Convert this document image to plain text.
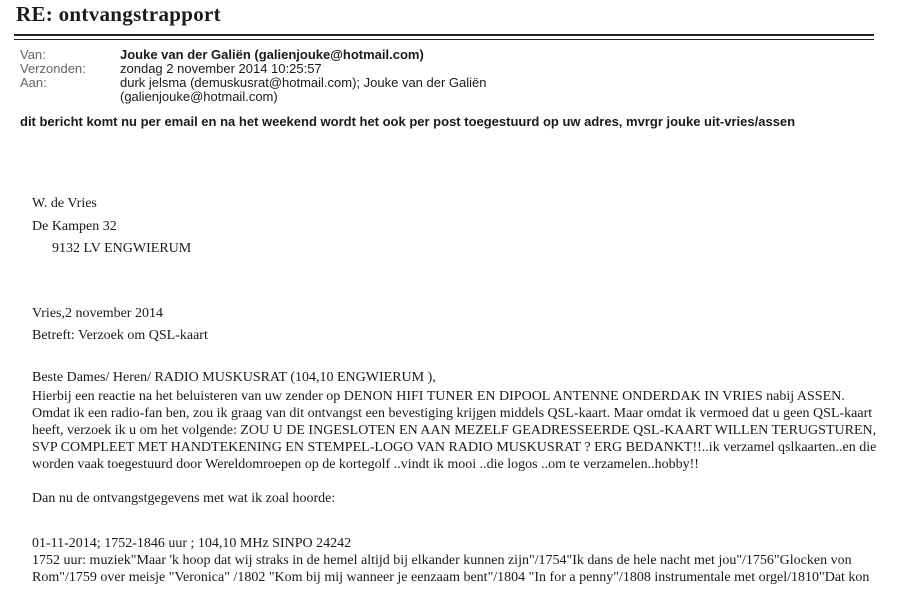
RE: ontvangstrapport
Van:	Jouke van der Galiën (galienjouke@hotmail.com)
Verzonden:	zondag 2 november 2014 10:25:57
Aan:	durk jelsma (demuskusrat@hotmail.com); Jouke van der Galiën
(galienjouke@hotmail.com)
dit bericht komt nu per email en na het weekend wordt het ook per post toegestuurd op uw adres, mvrgr jouke uit-vries/assen
W. de Vries
De Kampen 32
9132 LV ENGWIERUM
Vries,2 november 2014
Betreft: Verzoek om QSL-kaart
Beste Dames/ Heren/ RADIO MUSKUSRAT (104,10 ENGWIERUM ),
Hierbij een reactie na het beluisteren van uw zender op DENON HIFI TUNER EN DIPOOL ANTENNE ONDERDAK IN VRIES nabij ASSEN. Omdat ik een radio-fan ben, zou ik graag van dit ontvangst een bevestiging krijgen middels QSL-kaart. Maar omdat ik vermoed dat u geen QSL-kaart heeft, verzoek ik u om het volgende: ZOU U DE INGESLOTEN EN AAN MEZELF GEADRESSEERDE QSL-KAART WILLEN TERUGSTUREN, SVP COMPLEET MET HANDTEKENING EN STEMPEL-LOGO VAN RADIO MUSKUSRAT ? ERG BEDANKT!!..ik verzamel qslkaarten..en die worden vaak toegestuurd door Wereldomroepen op de kortegolf ..vindt ik mooi ..die logos ..om te verzamelen..hobby!!
Dan nu de ontvangstgegevens met wat ik zoal hoorde:
01-11-2014; 1752-1846 uur ; 104,10 MHz SINPO 24242
1752 uur: muziek"Maar 'k hoop dat wij straks in de hemel altijd bij elkander kunnen zijn"/1754"Ik dans de hele nacht met jou"/1756"Glocken von Rom"/1759 over meisje "Veronica" /1802 "Kom bij mij wanneer je eenzaam bent"/1804 "In for a penny"/1808 instrumentale met orgel/1810"Dat kon
